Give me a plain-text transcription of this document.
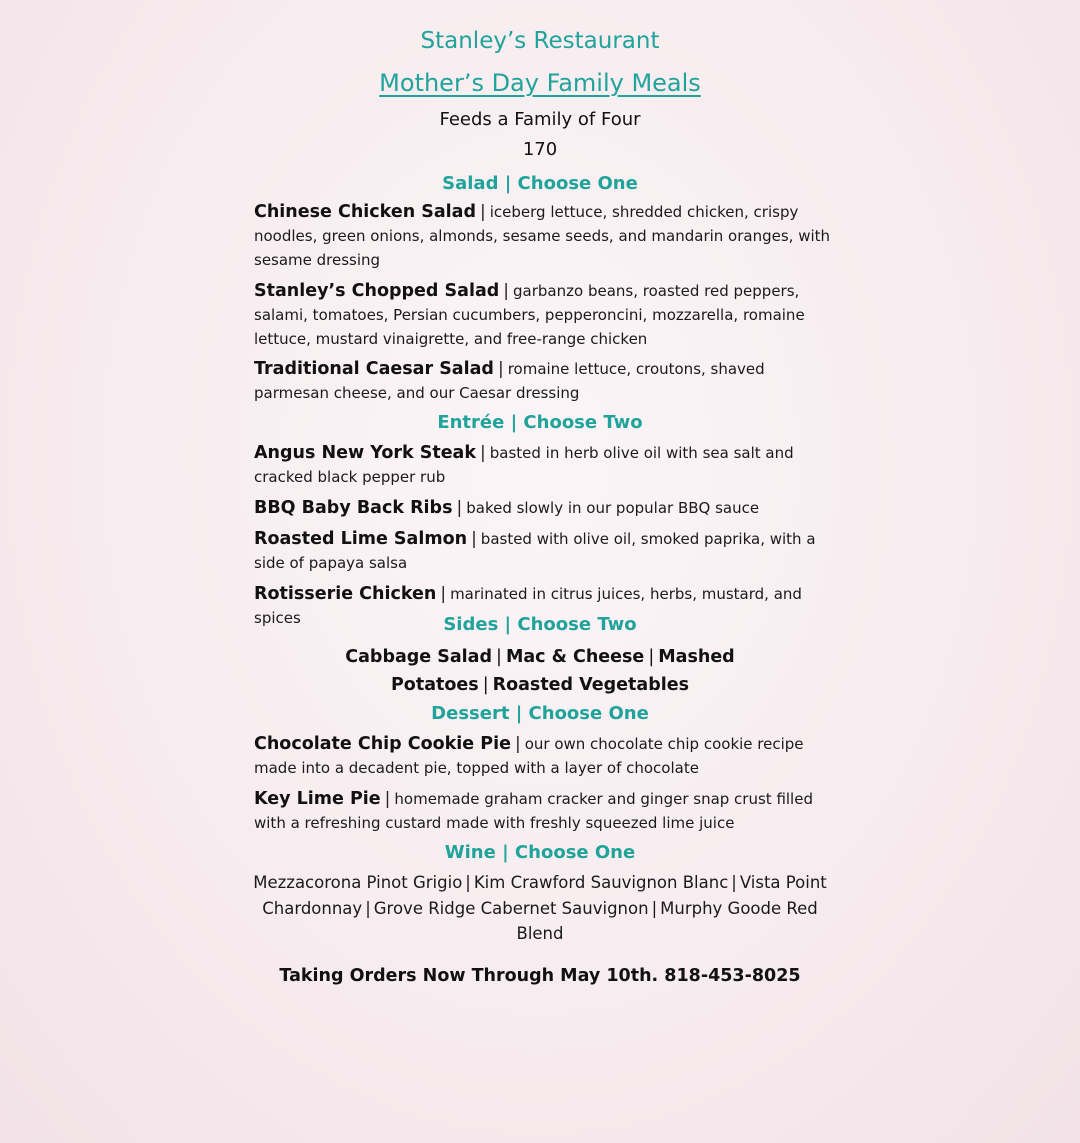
Stanley’s Restaurant
Mother’s Day Family Meals
Feeds a Family of Four
170
Salad | Choose One
Chinese Chicken Salad | iceberg lettuce, shredded chicken, crispy noodles, green onions, almonds, sesame seeds, and mandarin oranges, with sesame dressing
Stanley’s Chopped Salad | garbanzo beans, roasted red peppers, salami, tomatoes, Persian cucumbers, pepperoncini, mozzarella, romaine lettuce, mustard vinaigrette, and free-range chicken
Traditional Caesar Salad | romaine lettuce, croutons, shaved parmesan cheese, and our Caesar dressing
Entrée | Choose Two
Angus New York Steak | basted in herb olive oil with sea salt and cracked black pepper rub
BBQ Baby Back Ribs | baked slowly in our popular BBQ sauce
Roasted Lime Salmon | basted with olive oil, smoked paprika, with a side of papaya salsa
Rotisserie Chicken | marinated in citrus juices, herbs, mustard, and spices	Sides | Choose Two
Cabbage Salad | Mac & Cheese | Mashed Potatoes | Roasted Vegetables
Dessert | Choose One
Chocolate Chip Cookie Pie | our own chocolate chip cookie recipe made into a decadent pie, topped with a layer of chocolate
Key Lime Pie | homemade graham cracker and ginger snap crust filled with a refreshing custard made with freshly squeezed lime juice
Wine | Choose One
Mezzacorona Pinot Grigio | Kim Crawford Sauvignon Blanc | Vista Point Chardonnay | Grove Ridge Cabernet Sauvignon | Murphy Goode Red Blend
Taking Orders Now Through May 10th. 818-453-8025
